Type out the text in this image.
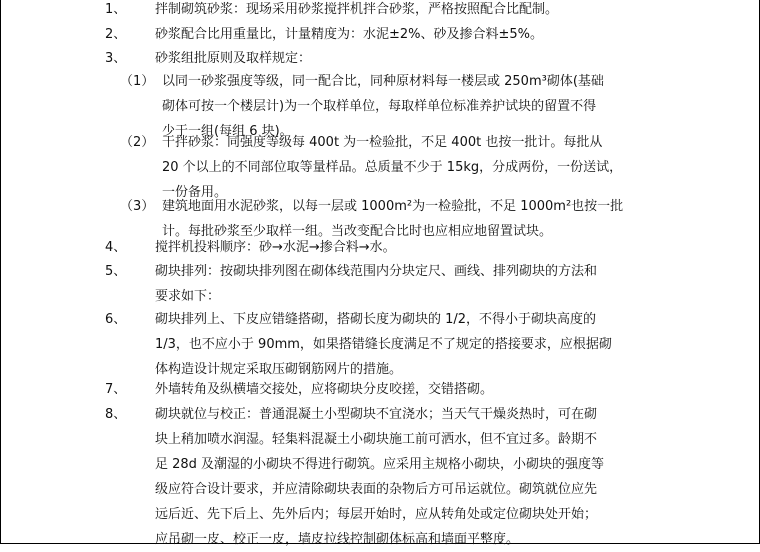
1、 拌制砌筑砂浆：现场采用砂浆搅拌机拌合砂浆，严格按照配合比配制。
2、 砂浆配合比用重量比，计量精度为：水泥±2%、砂及掺合料±5%。
3、 砂浆组批原则及取样规定：
（1） 以同一砂浆强度等级，同一配合比，同种原材料每一楼层或 250m³砌体(基础
砌体可按一个楼层计)为一个取样单位，每取样单位标准养护试块的留置不得
少于一组(每组 6 块)。
（2） 干拌砂浆：同强度等级每 400t 为一检验批，不足 400t 也按一批计。每批从
20 个以上的不同部位取等量样品。总质量不少于 15kg，分成两份，一份送试，
一份备用。
（3） 建筑地面用水泥砂浆，以每一层或 1000m²为一检验批，不足 1000m²也按一批
计。每批砂浆至少取样一组。当改变配合比时也应相应地留置试块。
4、 搅拌机投料顺序：砂→水泥→掺合料→水。
5、 砌块排列：按砌块排列图在砌体线范围内分块定尺、画线、排列砌块的方法和
要求如下：
6、 砌块排列上、下皮应错缝搭砌，搭砌长度为砌块的 1/2，不得小于砌块高度的
1/3，也不应小于 90mm，如果搭错缝长度满足不了规定的搭接要求，应根据砌
体构造设计规定采取压砌钢筋网片的措施。
7、 外墙转角及纵横墙交接处，应将砌块分皮咬搓，交错搭砌。
8、 砌块就位与校正：普通混凝土小型砌块不宜浇水；当天气干燥炎热时，可在砌
块上稍加喷水润湿。轻集料混凝土小砌块施工前可洒水，但不宜过多。龄期不
足 28d 及潮湿的小砌块不得进行砌筑。应采用主规格小砌块，小砌块的强度等
级应符合设计要求，并应清除砌块表面的杂物后方可吊运就位。砌筑就位应先
远后近、先下后上、先外后内；每层开始时，应从转角处或定位砌块处开始；
应吊砌一皮、校正一皮，墙皮拉线控制砌体标高和墙面平整度。
